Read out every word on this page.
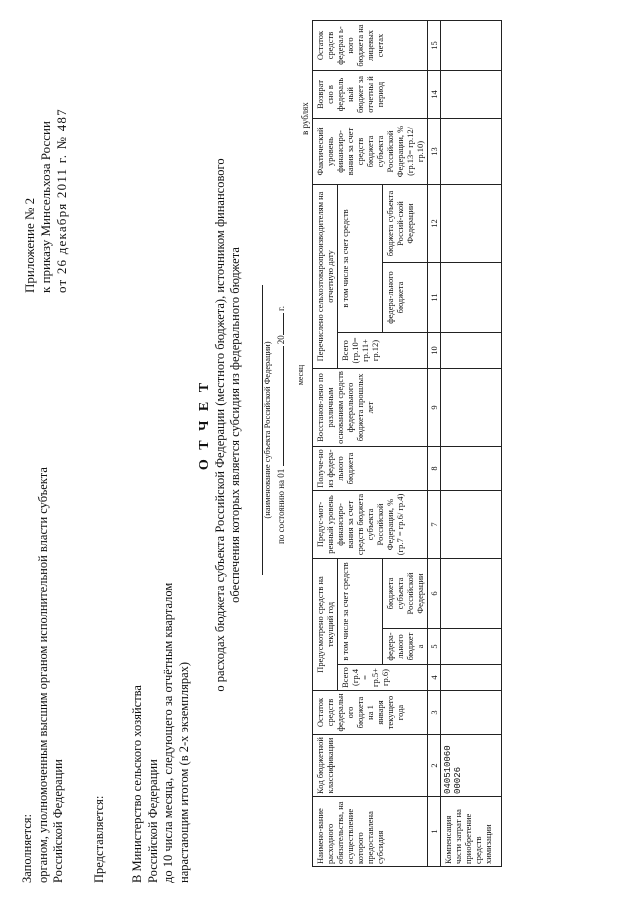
Приложение № 2 к приказу Минсельхоза России от 26 декабря 2011 г. № 487
Заполняется: органом, уполномоченным высшим органом исполнительной власти субъекта Российской Федерации Представляется: В Министерство сельского хозяйства Российской Федерации до 10 числа месяца, следующего за отчётным кварталом нарастающим итогом (в 2-х экземплярах)
О Т Ч Е Т о расходах бюджета субъекта Российской Федерации (местного бюджета), источником финансового обеспечения которых является субсидия из федерального бюджета (наименование субъекта Российской Федерации) по состоянию на 01  20 г.
месяц
в рублях
Наимено-вание расходного обязательства, на осуществление которого предоставлена субсидия	Код бюджетной классификации	Остаток средств федеральн ого бюджета на 1 января текущего года	Предусмотрено средств на текущий год			Предус-мот-ренный уровень финансиро-вания за счет средств бюджета субъекта Российской Федерации, % (гр.7 = гр.6/ гр.4)	Получе-но из федера-льного бюджета	Восстанов-лено по различным основаниям средств федерального бюджета прошлых лет	Перечислено сельхозтоваропроизводителям на отчетную дату			Фактический уровень финансиро-вания за счет средств бюджета субъекта Российской Федерации, % (гр.13= гр.12/гр.10)	Возврат сно в федераль ный бюджет за отчетны й период	Остаток средств федерал ь-ного бюджета на лицевых счетах
			Всего (гр.4= гр.5+ гр.6)	в том числе за счет средств					Всего (гр.10= гр.11+ гр.12)	в том числе за счет средств				
				федера-льного бюджета	бюджета субъекта Российской Федерации					федера-льного бюджета	бюджета субъекта Россий-ской Федерации			
1	2	3	4	5	6	7	8	9	10	11	12	13	14	15
Компенсация части затрат на приобретение средств химизации	040510060 00026													
